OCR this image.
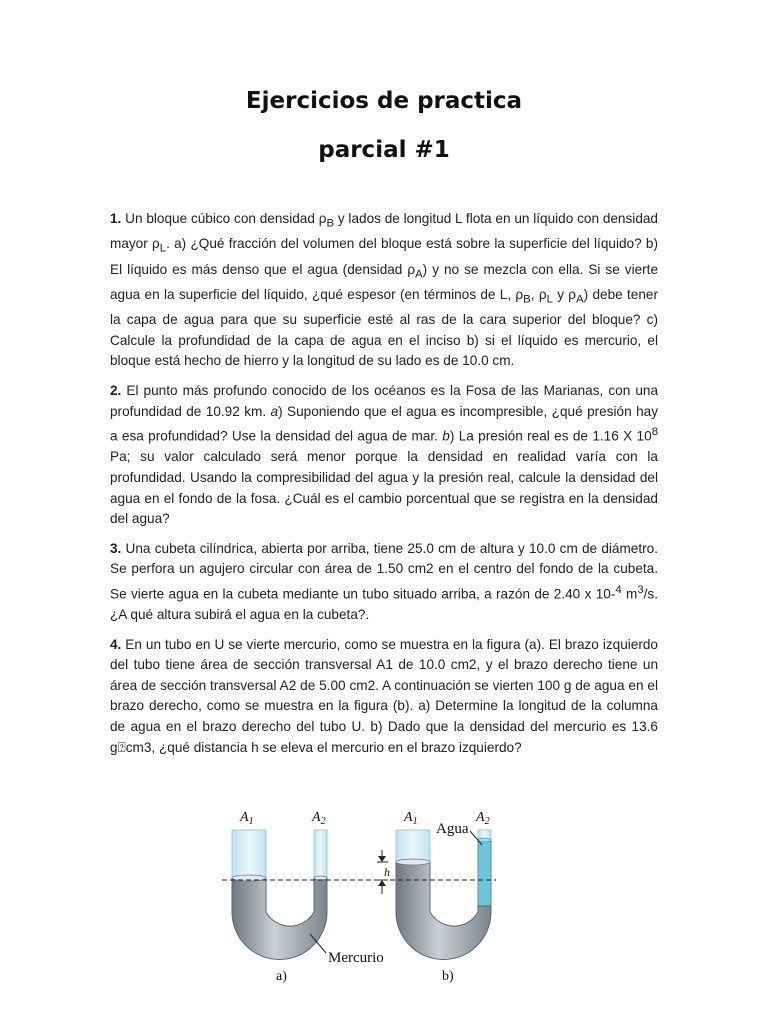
Ejercicios de practica
parcial #1

1. Un bloque cúbico con densidad $\rho_B$ y lados de longitud L flota en un líquido con densidad mayor $\rho_L$. a) ¿Qué fracción del volumen del bloque está sobre la superficie del líquido? b) El líquido es más denso que el agua (densidad $\rho_A$) y no se mezcla con ella. Si se vierte agua en la superficie del líquido, ¿qué espesor (en términos de L, $\rho_B$, $\rho_L$ y $\rho_A$) debe tener la capa de agua para que su superficie esté al ras de la cara superior del bloque? c) Calcule la profundidad de la capa de agua en el inciso b) si el líquido es mercurio, el bloque está hecho de hierro y la longitud de su lado es de 10.0 cm.

2. El punto más profundo conocido de los océanos es la Fosa de las Marianas, con una profundidad de 10.92 km. a) Suponiendo que el agua es incompresible, ¿qué presión hay a esa profundidad? Use la densidad del agua de mar. b) La presión real es de 1.16 X $10^8$ Pa; su valor calculado será menor porque la densidad en realidad varía con la profundidad. Usando la compresibilidad del agua y la presión real, calcule la densidad del agua en el fondo de la fosa. ¿Cuál es el cambio porcentual que se registra en la densidad del agua?

3. Una cubeta cilíndrica, abierta por arriba, tiene 25.0 cm de altura y 10.0 cm de diámetro. Se perfora un agujero circular con área de 1.50 cm2 en el centro del fondo de la cubeta. Se vierte agua en la cubeta mediante un tubo situado arriba, a razón de 2.40 x 10-$^4$ $m^3/s$. ¿A qué altura subirá el agua en la cubeta?.

4. En un tubo en U se vierte mercurio, como se muestra en la figura (a). El brazo izquierdo del tubo tiene área de sección transversal A1 de 10.0 cm2, y el brazo derecho tiene un área de sección transversal A2 de 5.00 cm2. A continuación se vierten 100 g de agua en el brazo derecho, como se muestra en la figura (b). a) Determine la longitud de la columna de agua en el brazo derecho del tubo U. b) Dado que la densidad del mercurio es 13.6 g⍰cm3, ¿qué distancia h se eleva el mercurio en el brazo izquierdo?

h
$A_1$	$A_2$	$A_1$	$A_2$
Agua
Mercurio
a)	b)
